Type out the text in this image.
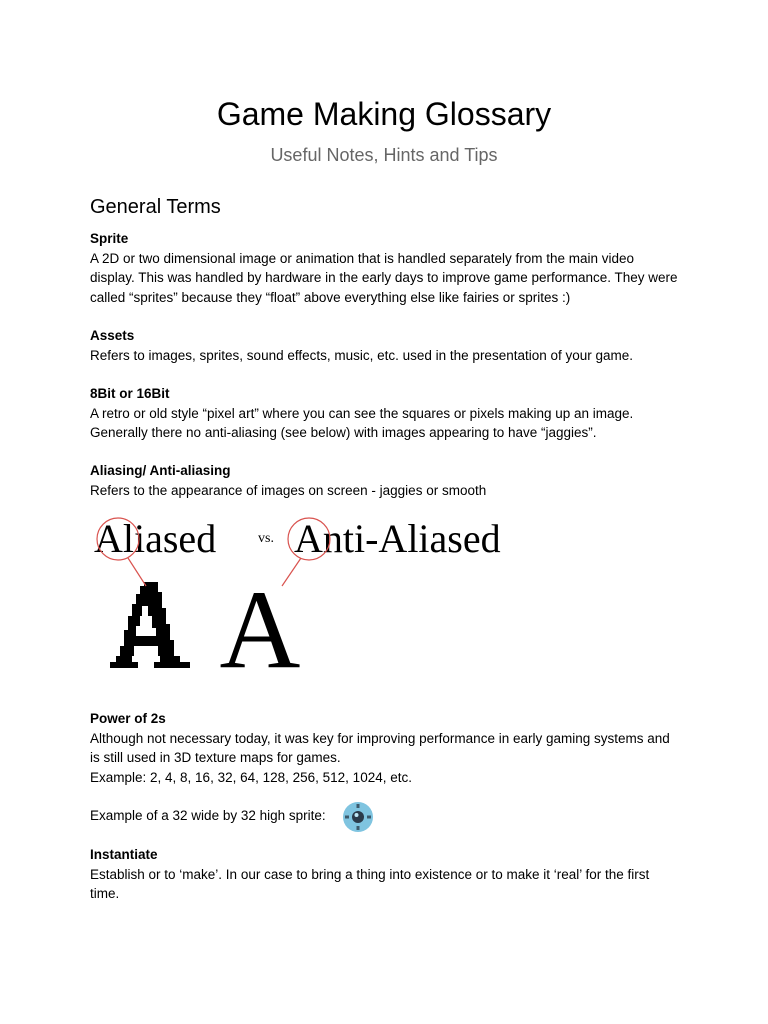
Game Making Glossary
Useful Notes, Hints and Tips
General Terms
Sprite
A 2D or two dimensional image or animation that is handled separately from the main video display. This was handled by hardware in the early days to improve game performance. They were called “sprites” because they “float” above everything else like fairies or sprites :)
Assets
Refers to images, sprites, sound effects, music, etc. used in the presentation of your game.
8Bit or 16Bit
A retro or old style “pixel art” where you can see the squares or pixels making up an image. Generally there no anti-aliasing (see below) with images appearing to have “jaggies”.
Aliasing/ Anti-aliasing
Refers to the appearance of images on screen - jaggies or smooth
A
Aliased	vs. Anti-Aliased
Power of 2s
Although not necessary today, it was key for improving performance in early gaming systems and is still used in 3D texture maps for games.
Example: 2, 4, 8, 16, 32, 64, 128, 256, 512, 1024, etc.
Example of a 32 wide by 32 high sprite:
Instantiate
Establish or to ‘make’. In our case to bring a thing into existence or to make it ‘real’ for the first time.
